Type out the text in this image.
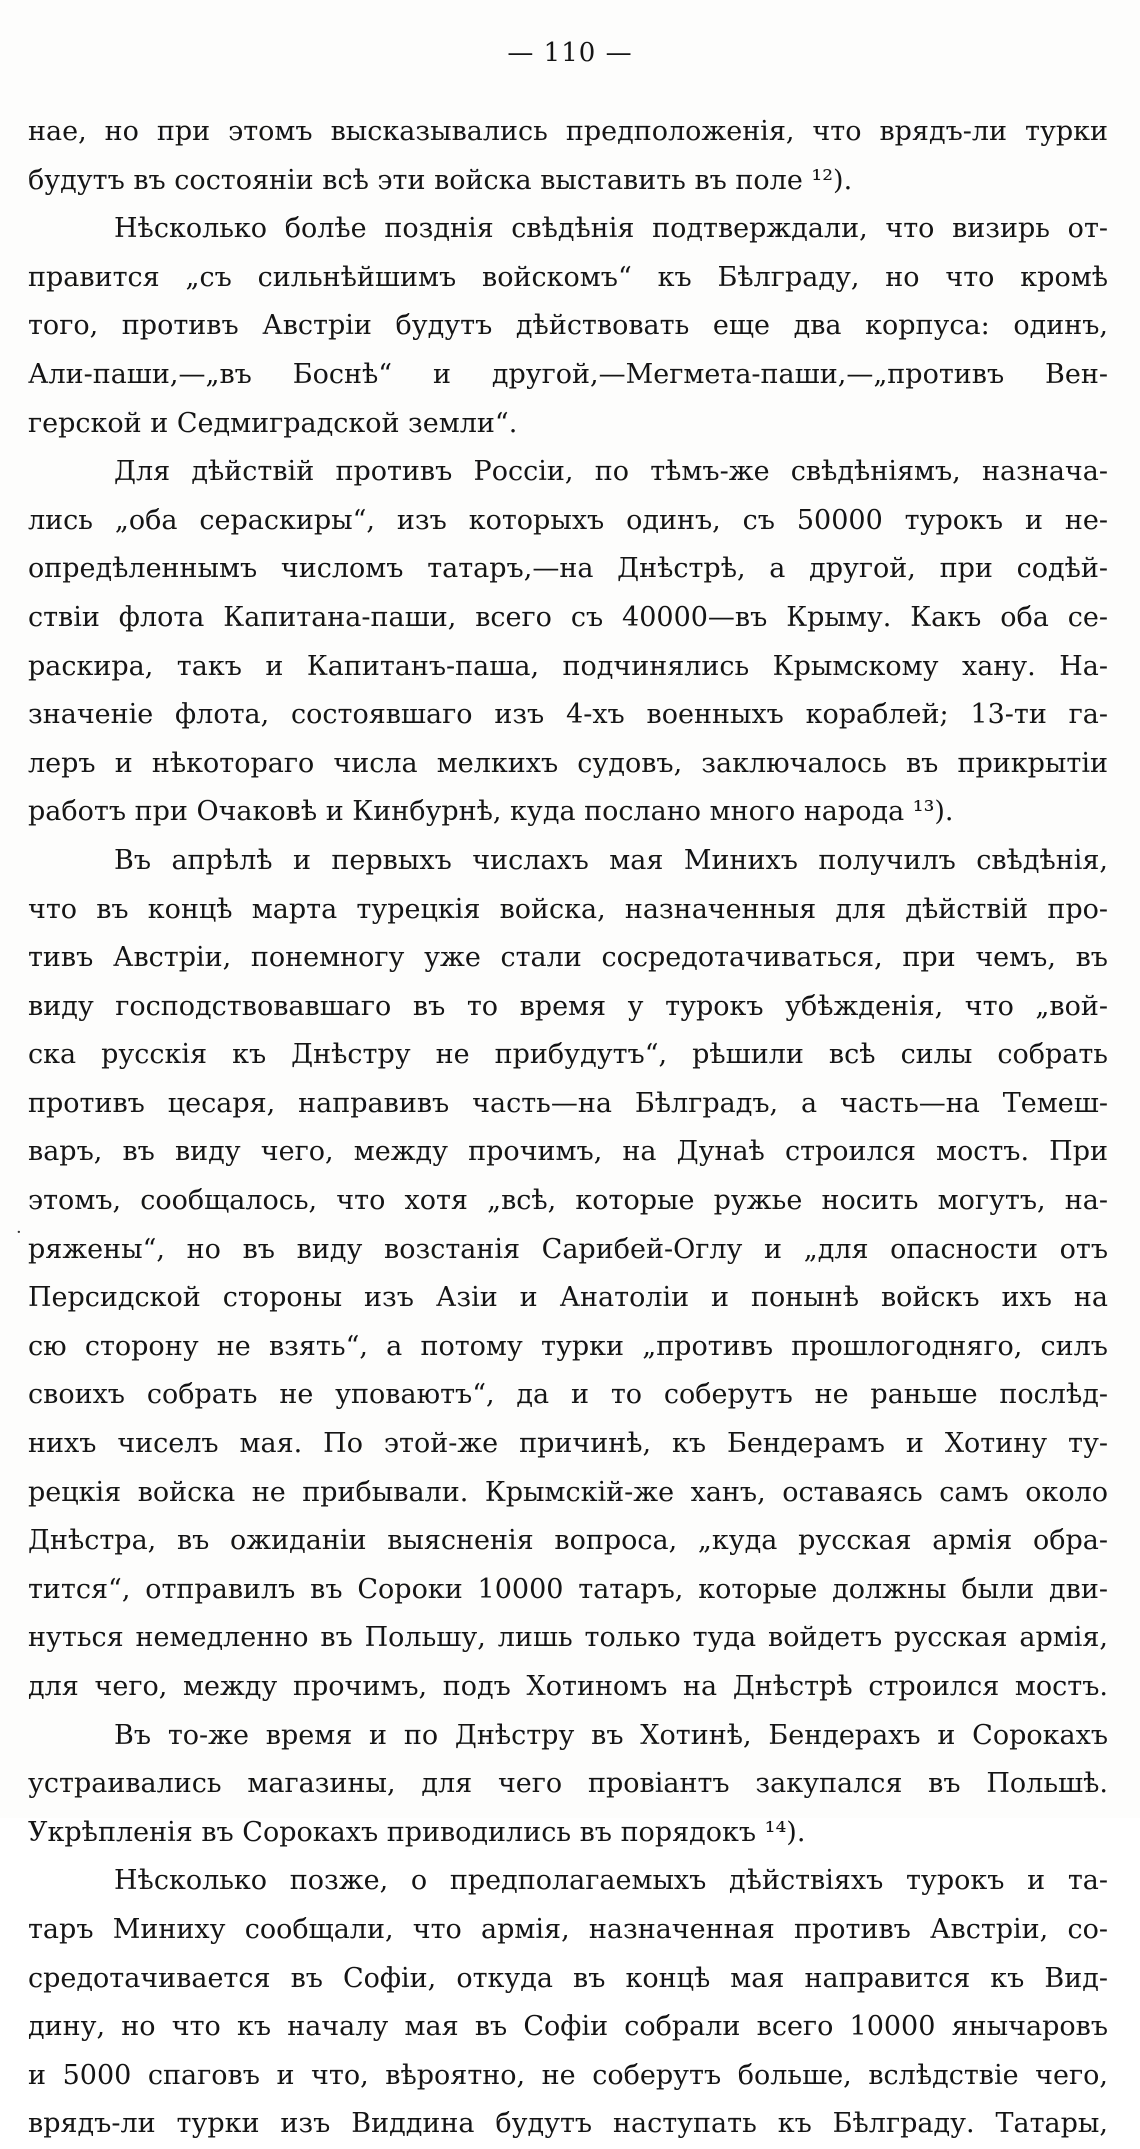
— 110 —
нае, но при этомъ высказывались предположенія, что врядъ-ли турки
будутъ въ состояніи всѣ эти войска выставить въ поле ¹²).
Нѣсколько болѣе позднія свѣдѣнія подтверждали, что визирь от-
правится „съ сильнѣйшимъ войскомъ“ къ Бѣлграду, но что кромѣ
того, противъ Австріи будутъ дѣйствовать еще два корпуса: одинъ,
Али-паши,—„въ Боснѣ“ и другой,—Мегмета-паши,—„противъ Вен-
герской и Седмиградской земли“.
Для дѣйствій противъ Россіи, по тѣмъ-же свѣдѣніямъ, назнача-
лись „оба сераскиры“, изъ которыхъ одинъ, съ 50000 турокъ и не-
опредѣленнымъ числомъ татаръ,—на Днѣстрѣ, а другой, при содѣй-
ствіи флота Капитана-паши, всего съ 40000—въ Крыму. Какъ оба се-
раскира, такъ и Капитанъ-паша, подчинялись Крымскому хану. На-
значеніе флота, состоявшаго изъ 4-хъ военныхъ кораблей; 13-ти га-
леръ и нѣкотораго числа мелкихъ судовъ, заключалось въ прикрытіи
работъ при Очаковѣ и Кинбурнѣ, куда послано много народа ¹³).
Въ апрѣлѣ и первыхъ числахъ мая Минихъ получилъ свѣдѣнія,
что въ концѣ марта турецкія войска, назначенныя для дѣйствій про-
тивъ Австріи, понемногу уже стали сосредотачиваться, при чемъ, въ
виду господствовавшаго въ то время у турокъ убѣжденія, что „вой-
ска русскія къ Днѣстру не прибудутъ“, рѣшили всѣ силы собрать
противъ цесаря, направивъ часть—на Бѣлградъ, а часть—на Темеш-
варъ, въ виду чего, между прочимъ, на Дунаѣ строился мостъ. При
этомъ, сообщалось, что хотя „всѣ, которые ружье носить могутъ, на-
ряжены“, но въ виду возстанія Сарибей-Оглу и „для опасности отъ
Персидской стороны изъ Азіи и Анатоліи и понынѣ войскъ ихъ на
сю сторону не взять“, а потому турки „противъ прошлогодняго, силъ
своихъ собрать не уповаютъ“, да и то соберутъ не раньше послѣд-
нихъ чиселъ мая. По этой-же причинѣ, къ Бендерамъ и Хотину ту-
рецкія войска не прибывали. Крымскій-же ханъ, оставаясь самъ около
Днѣстра, въ ожиданіи выясненія вопроса, „куда русская армія обра-
тится“, отправилъ въ Сороки 10000 татаръ, которые должны были дви-
нуться немедленно въ Польшу, лишь только туда войдетъ русская армія,
для чего, между прочимъ, подъ Хотиномъ на Днѣстрѣ строился мостъ.
Въ то-же время и по Днѣстру въ Хотинѣ, Бендерахъ и Сорокахъ
устраивались магазины, для чего провіантъ закупался въ Польшѣ.
Укрѣпленія въ Сорокахъ приводились въ порядокъ ¹⁴).
Нѣсколько позже, о предполагаемыхъ дѣйствіяхъ турокъ и та-
таръ Миниху сообщали, что армія, назначенная противъ Австріи, со-
средотачивается въ Софіи, откуда въ концѣ мая направится къ Вид-
дину, но что къ началу мая въ Софіи собрали всего 10000 янычаровъ
и 5000 спаговъ и что, вѣроятно, не соберутъ больше, вслѣдствіе чего,
врядъ-ли турки изъ Виддина будутъ наступать къ Бѣлграду. Татары,
·
